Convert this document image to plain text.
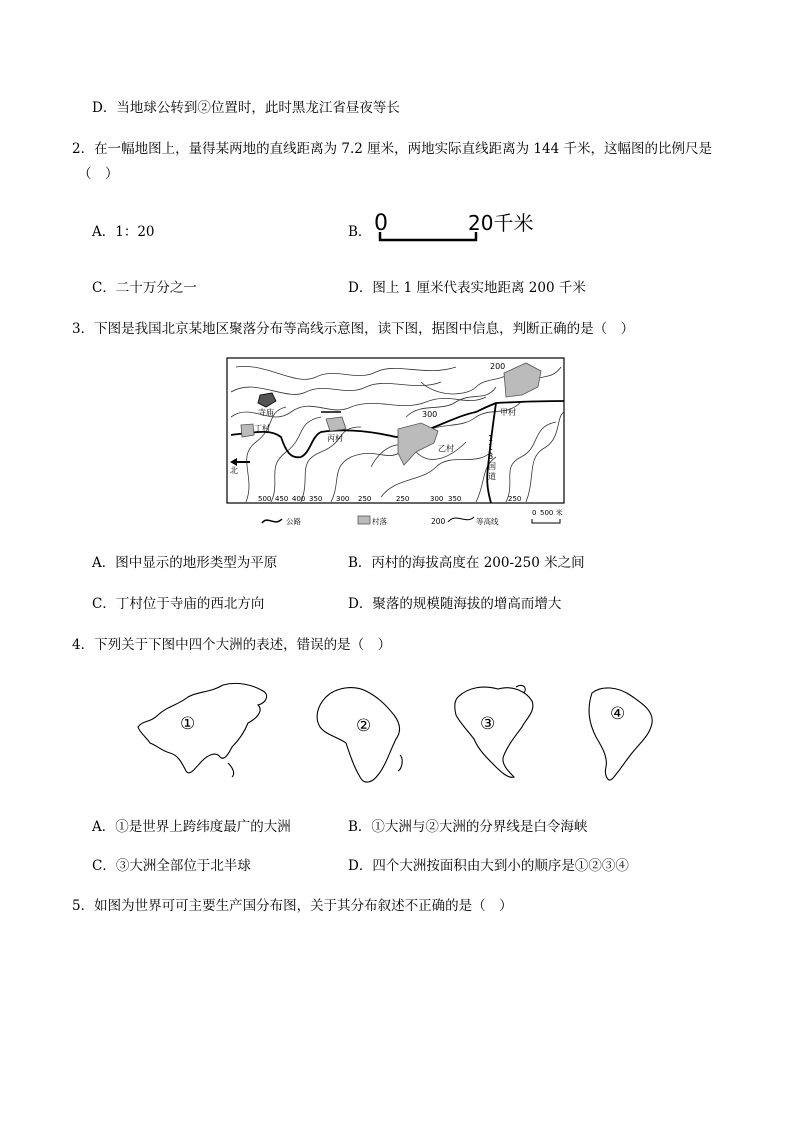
D．当地球公转到②位置时，此时黑龙江省昼夜等长
2．在一幅地图上，量得某两地的直线距离为 7.2 厘米，两地实际直线距离为 144 千米，这幅图的比例尺是
（　）
A．1：20	B． 0	20千米
C．二十万分之一	D．图上 1 厘米代表实地距离 200 千米
3．下图是我国北京某地区聚落分布等高线示意图，读下图，据图中信息，判断正确的是（　）
寺庙
丁村
丙村
乙村
甲村
200
300
1
1
8
国
道
北
500 450 400 350 300 250	250	300 350	250
0 500 米
公路	村落	200	等高线
A．图中显示的地形类型为平原	B．丙村的海拔高度在 200-250 米之间
C．丁村位于寺庙的西北方向	D．聚落的规模随海拔的增高而增大
4．下列关于下图中四个大洲的表述，错误的是（　）
①	②	③	④
A．①是世界上跨纬度最广的大洲	B．①大洲与②大洲的分界线是白令海峡
C．③大洲全部位于北半球	D．四个大洲按面积由大到小的顺序是①②③④
5．如图为世界可可主要生产国分布图，关于其分布叙述不正确的是（　）
